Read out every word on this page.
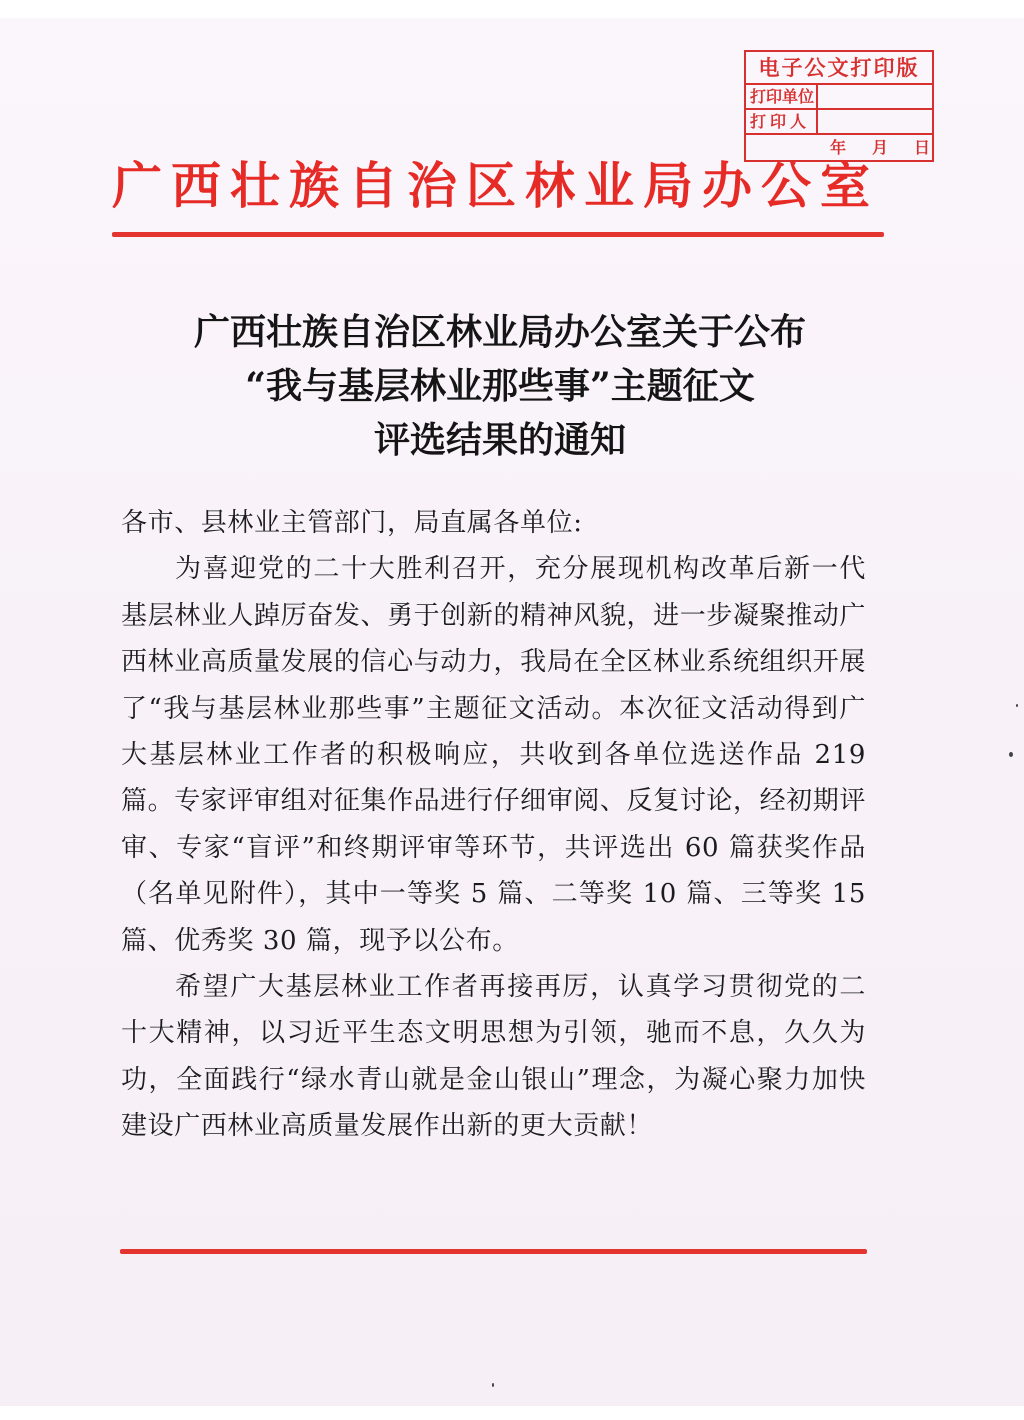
电子公文打印版
打印单位
打印人
年 月 日
广西壮族自治区林业局办公室
广西壮族自治区林业局办公室关于公布
“我与基层林业那些事”主题征文
评选结果的通知

各市、县林业主管部门，局直属各单位:

为喜迎党的二十大胜利召开，充分展现机构改革后新一代基层林业人踔厉奋发、勇于创新的精神风貌，进一步凝聚推动广西林业高质量发展的信心与动力，我局在全区林业系统组织开展了“我与基层林业那些事”主题征文活动。本次征文活动得到广大基层林业工作者的积极响应，共收到各单位选送作品 219 篇。专家评审组对征集作品进行仔细审阅、反复讨论，经初期评审、专家“盲评”和终期评审等环节，共评选出 60 篇获奖作品（名单见附件），其中一等奖 5 篇、二等奖 10 篇、三等奖 15 篇、优秀奖 30 篇，现予以公布。

希望广大基层林业工作者再接再厉，认真学习贯彻党的二十大精神，以习近平生态文明思想为引领，驰而不息，久久为功，全面践行“绿水青山就是金山银山”理念，为凝心聚力加快建设广西林业高质量发展作出新的更大贡献！
